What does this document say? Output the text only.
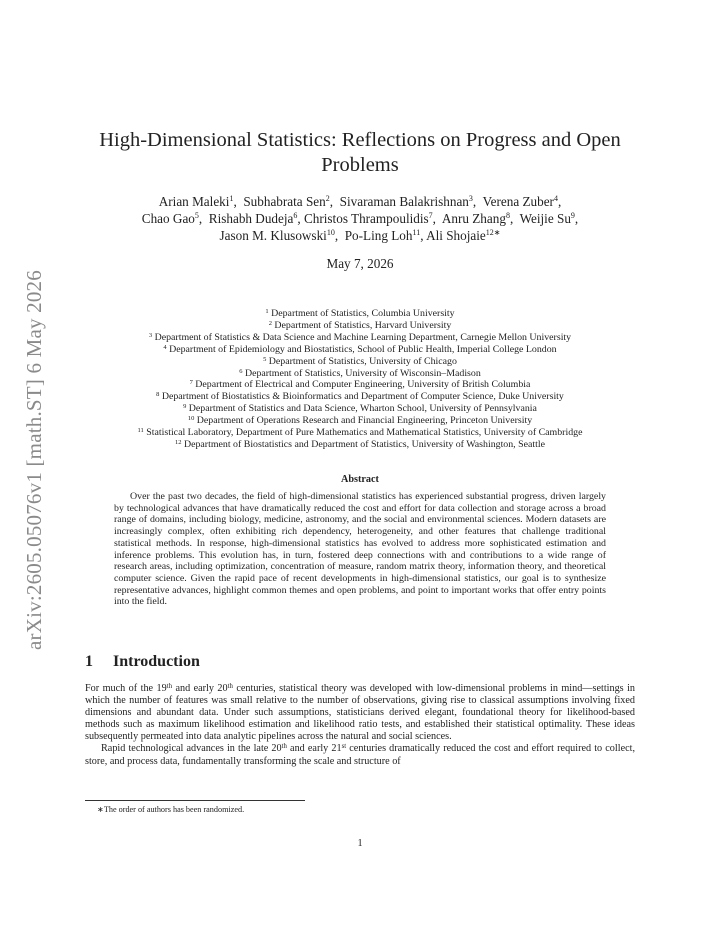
arXiv:2605.05076v1 [math.ST] 6 May 2026
High-Dimensional Statistics: Reflections on Progress and Open
Problems
Arian Maleki$^1$,  Subhabrata Sen$^2$,  Sivaraman Balakrishnan$^3$,  Verena Zuber$^4$,
Chao Gao$^5$,  Rishabh Dudeja$^6$, Christos Thrampoulidis$^7$,  Anru Zhang$^8$,  Weijie Su$^9$,
Jason M. Klusowski$^{10}$,  Po-Ling Loh$^{11}$, Ali Shojaie$^{12∗}$
May 7, 2026
$^1$ Department of Statistics, Columbia University
$^2$ Department of Statistics, Harvard University
$^3$ Department of Statistics & Data Science and Machine Learning Department, Carnegie Mellon University
$^4$ Department of Epidemiology and Biostatistics, School of Public Health, Imperial College London
$^5$ Department of Statistics, University of Chicago
$^6$ Department of Statistics, University of Wisconsin–Madison
$^7$ Department of Electrical and Computer Engineering, University of British Columbia
$^8$ Department of Biostatistics & Bioinformatics and Department of Computer Science, Duke University
$^9$ Department of Statistics and Data Science, Wharton School, University of Pennsylvania
$^{10}$ Department of Operations Research and Financial Engineering, Princeton University
$^{11}$ Statistical Laboratory, Department of Pure Mathematics and Mathematical Statistics, University of Cambridge
$^{12}$ Department of Biostatistics and Department of Statistics, University of Washington, Seattle
Abstract

Over the past two decades, the field of high-dimensional statistics has experienced substantial progress, driven largely by technological advances that have dramatically reduced the cost and effort for data collection and storage across a broad range of domains, including biology, medicine, astronomy, and the social and environmental sciences. Modern datasets are increasingly complex, often exhibiting rich dependency, heterogeneity, and other features that challenge traditional statistical methods. In response, high-dimensional statistics has evolved to address more sophisticated estimation and inference problems. This evolution has, in turn, fostered deep connections with and contributions to a wide range of research areas, including optimization, concentration of measure, random matrix theory, information theory, and theoretical computer science. Given the rapid pace of recent developments in high-dimensional statistics, our goal is to synthesize representative advances, highlight common themes and open problems, and point to important works that offer entry points into the field.

1 Introduction

For much of the 19th and early 20th centuries, statistical theory was developed with low-dimensional problems in mind—settings in which the number of features was small relative to the number of observations, giving rise to classical assumptions involving fixed dimensions and abundant data. Under such assumptions, statisticians derived elegant, foundational theory for likelihood-based methods such as maximum likelihood estimation and likelihood ratio tests, and established their statistical optimality. These ideas subsequently permeated into data analytic pipelines across the natural and social sciences.

Rapid technological advances in the late 20th and early 21st centuries dramatically reduced the cost and effort required to collect, store, and process data, fundamentally transforming the scale and structure of

∗The order of authors has been randomized.
1
